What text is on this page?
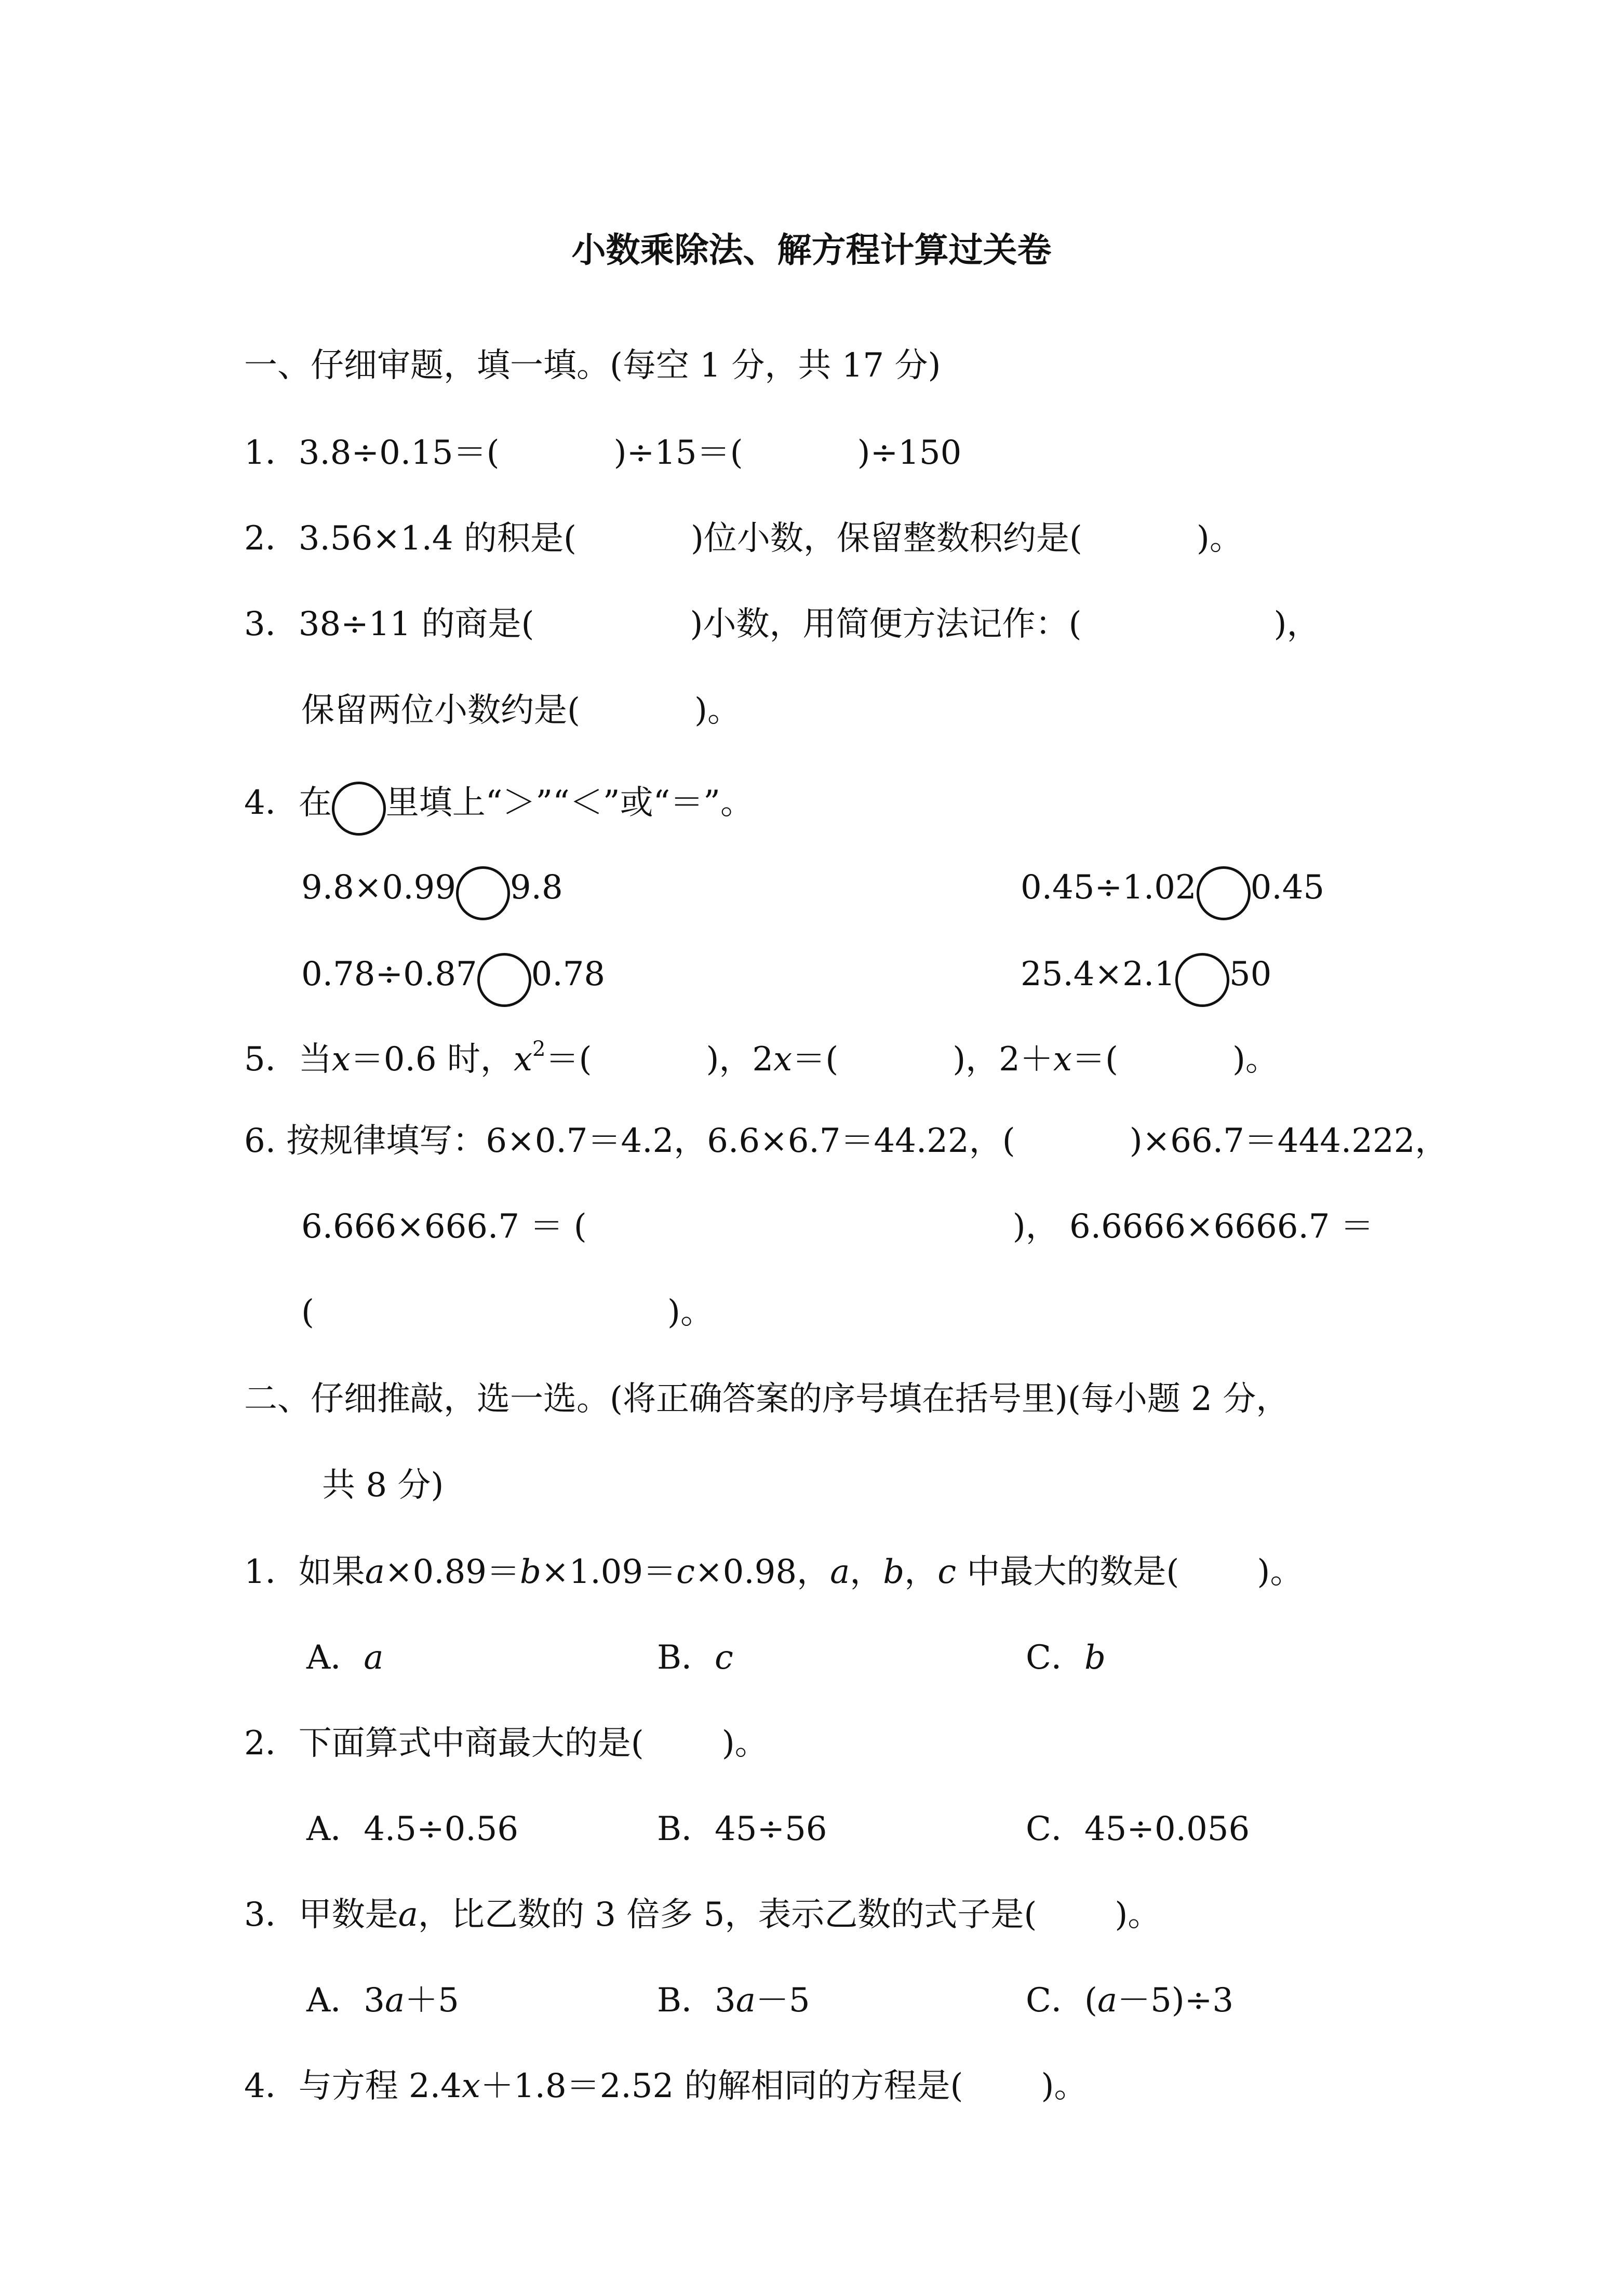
小数乘除法、解方程计算过关卷
一、仔细审题，填一填。(每空 1 分，共 17 分)
1．3.8÷0.15＝(	)÷15＝(	)÷150
2．3.56×1.4 的积是(	)位小数，保留整数积约是(	)。
3．38÷11 的商是(	)小数，用简便方法记作：(	)，
保留两位小数约是(	)。
4．在 里填上“＞”“＜”或“＝”。
9.8×0.99 9.8	0.45÷1.02 0.45
0.78÷0.87 0.78	25.4×2.1 50
5．当x＝0.6 时，$x^2=$(	)，2x＝(	)，2＋x＝(	)。
6. 按规律填写：6×0.7＝4.2，6.6×6.7＝44.22，(	)×66.7＝444.222，
6.666×666.7 ＝ (	)， 6.6666×6666.7 ＝
(	)。
二、仔细推敲，选一选。(将正确答案的序号填在括号里)(每小题 2 分，
共 8 分)
1．如果a×0.89＝b×1.09＝c×0.98，a，b，c 中最大的数是( )。
A．a	B．c	C．b
2．下面算式中商最大的是( )。
A．4.5÷0.56	B．45÷56	C．45÷0.056
3．甲数是a，比乙数的 3 倍多 5，表示乙数的式子是( )。
A．3a＋5	B．3a－5	C．(a－5)÷3
4．与方程 2.4x＋1.8＝2.52 的解相同的方程是( )。
